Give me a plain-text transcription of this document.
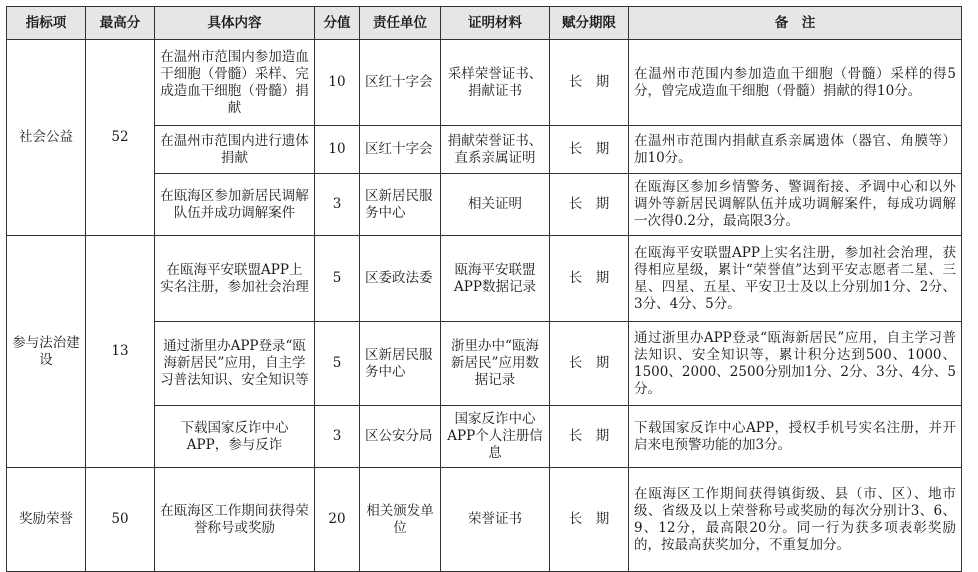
指标项	最高分	具体内容	分值	责任单位	证明材料	赋分期限	备　注
社会公益	52	在温州市范围内参加造血干细胞（骨髓）采样、完成造血干细胞（骨髓）捐献	10	区红十字会	采样荣誉证书、捐献证书	长　期	在温州市范围内参加造血干细胞（骨髓）采样的得5分，曾完成造血干细胞（骨髓）捐献的得10分。
		在温州市范围内进行遗体捐献	10	区红十字会	捐献荣誉证书、直系亲属证明	长　期	在温州市范围内捐献直系亲属遗体（器官、角膜等）加10分。
		在瓯海区参加新居民调解队伍并成功调解案件	3	区新居民服务中心	相关证明	长　期	在瓯海区参加乡情警务、警调衔接、矛调中心和以外调外等新居民调解队伍并成功调解案件，每成功调解一次得0.2分，最高限3分。
参与法治建设	13	在瓯海平安联盟APP上实名注册，参加社会治理	5	区委政法委	瓯海平安联盟APP数据记录	长　期	在瓯海平安联盟APP上实名注册，参加社会治理，获得相应星级，累计“荣誉值”达到平安志愿者二星、三星、四星、五星、平安卫士及以上分别加1分、2分、3分、4分、5分。
		通过浙里办APP登录“瓯海新居民”应用，自主学习普法知识、安全知识等	5	区新居民服务中心	浙里办中“瓯海新居民”应用数据记录	长　期	通过浙里办APP登录“瓯海新居民”应用，自主学习普法知识、安全知识等，累计积分达到500、1000、1500、2000、2500分别加1分、2分、3分、4分、5分。
		下载国家反诈中心APP，参与反诈	3	区公安分局	国家反诈中心APP个人注册信息	长　期	下载国家反诈中心APP，授权手机号实名注册，并开启来电预警功能的加3分。
奖励荣誉	50	在瓯海区工作期间获得荣誉称号或奖励	20	相关颁发单位	荣誉证书	长　期	在瓯海区工作期间获得镇街级、县（市、区）、地市级、省级及以上荣誉称号或奖励的每次分别计3、6、9、12分，最高限20分。同一行为获多项表彰奖励的，按最高获奖加分，不重复加分。
